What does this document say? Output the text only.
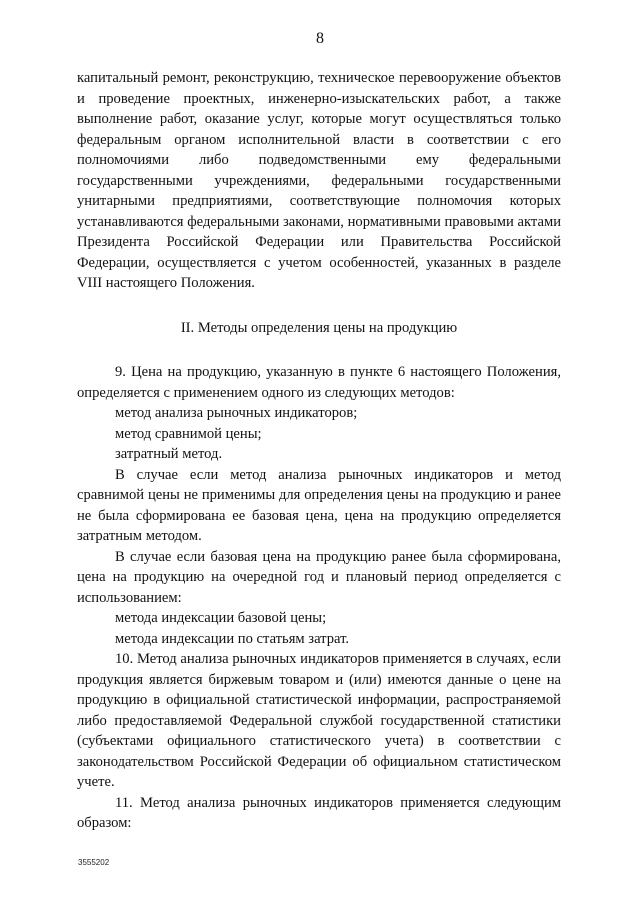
8

капитальный ремонт, реконструкцию, техническое перевооружение объектов и проведение проектных, инженерно-изыскательских работ, а также выполнение работ, оказание услуг, которые могут осуществляться только федеральным органом исполнительной власти в соответствии с его полномочиями либо подведомственными ему федеральными государственными учреждениями, федеральными государственными унитарными предприятиями, соответствующие полномочия которых устанавливаются федеральными законами, нормативными правовыми актами Президента Российской Федерации или Правительства Российской Федерации, осуществляется с учетом особенностей, указанных в разделе VIII настоящего Положения.

II. Методы определения цены на продукцию

9. Цена на продукцию, указанную в пункте 6 настоящего Положения, определяется с применением одного из следующих методов:

метод анализа рыночных индикаторов;

метод сравнимой цены;

затратный метод.

В случае если метод анализа рыночных индикаторов и метод сравнимой цены не применимы для определения цены на продукцию и ранее не была сформирована ее базовая цена, цена на продукцию определяется затратным методом.

В случае если базовая цена на продукцию ранее была сформирована, цена на продукцию на очередной год и плановый период определяется с использованием:

метода индексации базовой цены;

метода индексации по статьям затрат.

10. Метод анализа рыночных индикаторов применяется в случаях, если продукция является биржевым товаром и (или) имеются данные о цене на продукцию в официальной статистической информации, распространяемой либо предоставляемой Федеральной службой государственной статистики (субъектами официального статистического учета) в соответствии с законодательством Российской Федерации об официальном статистическом учете.

11. Метод анализа рыночных индикаторов применяется следующим образом:

3555202
